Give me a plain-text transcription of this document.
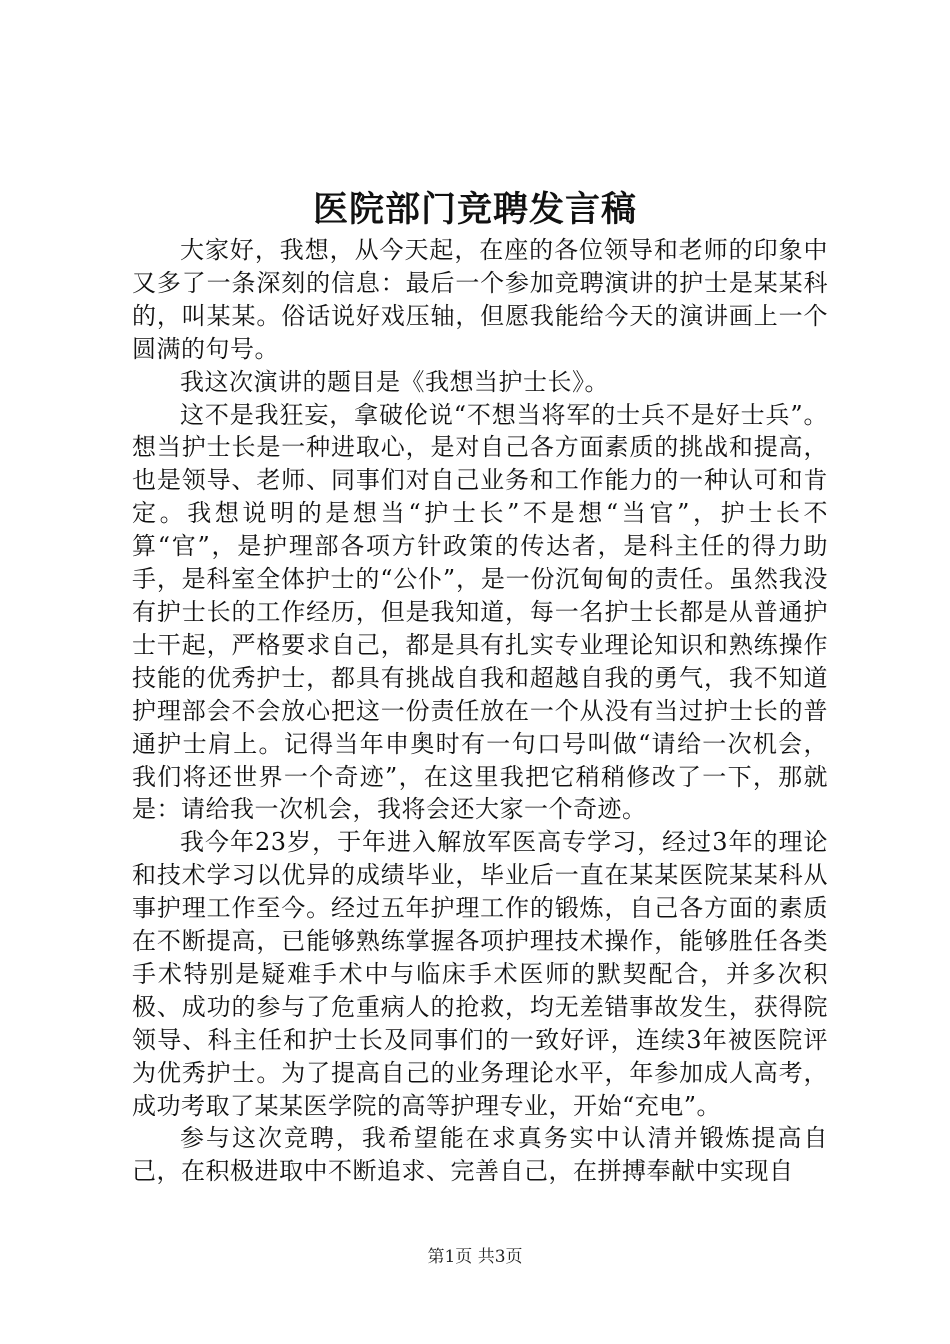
医院部门竞聘发言稿

大家好，我想，从今天起，在座的各位领导和老师的印象中又多了一条深刻的信息：最后一个参加竞聘演讲的护士是某某科的，叫某某。俗话说好戏压轴，但愿我能给今天的演讲画上一个圆满的句号。

我这次演讲的题目是《我想当护士长》。

这不是我狂妄，拿破伦说“不想当将军的士兵不是好士兵”。想当护士长是一种进取心，是对自己各方面素质的挑战和提高，也是领导、老师、同事们对自己业务和工作能力的一种认可和肯定。我想说明的是想当“护士长”不是想“当官”，护士长不算“官”，是护理部各项方针政策的传达者，是科主任的得力助手，是科室全体护士的“公仆”，是一份沉甸甸的责任。虽然我没有护士长的工作经历，但是我知道，每一名护士长都是从普通护士干起，严格要求自己，都是具有扎实专业理论知识和熟练操作技能的优秀护士，都具有挑战自我和超越自我的勇气，我不知道护理部会不会放心把这一份责任放在一个从没有当过护士长的普通护士肩上。记得当年申奥时有一句口号叫做“请给一次机会，我们将还世界一个奇迹”，在这里我把它稍稍修改了一下，那就是：请给我一次机会，我将会还大家一个奇迹。

我今年23岁，于年进入解放军医高专学习，经过3年的理论和技术学习以优异的成绩毕业，毕业后一直在某某医院某某科从事护理工作至今。经过五年护理工作的锻炼，自己各方面的素质在不断提高，已能够熟练掌握各项护理技术操作，能够胜任各类手术特别是疑难手术中与临床手术医师的默契配合，并多次积极、成功的参与了危重病人的抢救，均无差错事故发生，获得院领导、科主任和护士长及同事们的一致好评，连续3年被医院评为优秀护士。为了提高自己的业务理论水平，年参加成人高考，成功考取了某某医学院的高等护理专业，开始“充电”。

参与这次竞聘，我希望能在求真务实中认清并锻炼提高自己，在积极进取中不断追求、完善自己，在拼搏奉献中实现自

第1页 共3页
